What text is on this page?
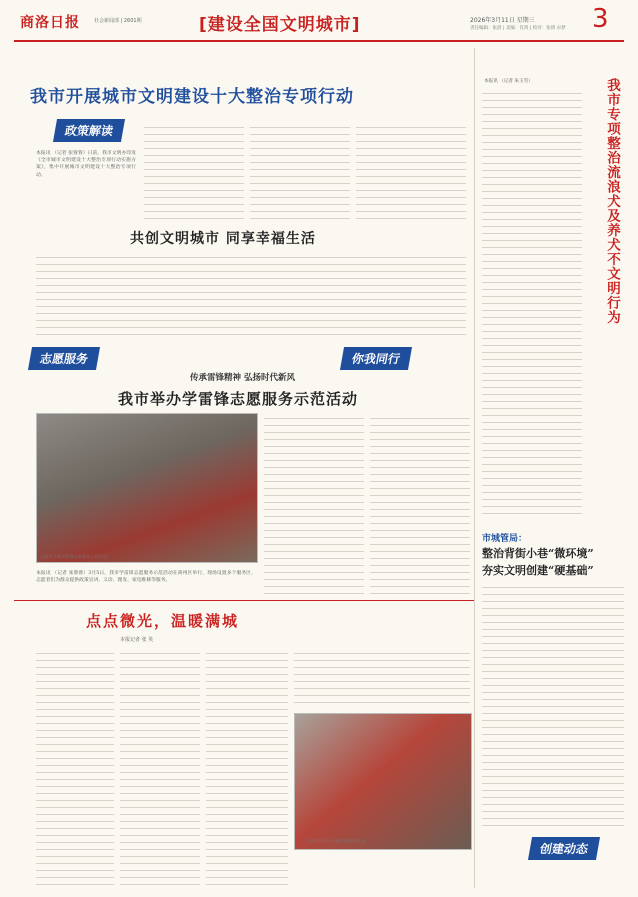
商洛日报	社会新闻部 | 2601期	[建设全国文明城市]	2026年3月11日 星期三
责任编辑：张晨 | 美编：肖鸿 | 校对：张倩 卓梦 3
我市开展城市文明建设十大整治专项行动
政策解读
本报讯 （记者 张蓉蓉）日前，我市文明办印发《全市城市文明建设十大整治专项行动实施方案》，集中开展城市文明建设十大整治专项行动。
共创文明城市 同享幸福生活
志愿服务	你我同行
传承雷锋精神 弘扬时代新风
我市举办学雷锋志愿服务示范活动
志愿者开展学雷锋志愿服务示范活动。
本报讯 （记者 张蓉蓉）3月5日，我市学雷锋志愿服务示范活动在商州区举行，现场设置多个服务区，志愿者们为群众提供政策宣讲、义诊、理发、家电维修等服务。
点点微光，温暖满城
本报记者 张 英
志愿者在社区开展志愿服务活动。
我市专项整治流浪犬及养犬不文明行为
本报讯 （记者 朱玉雪）
市城管局：
整治背街小巷“微环境”
夯实文明创建“硬基础”
创建动态
